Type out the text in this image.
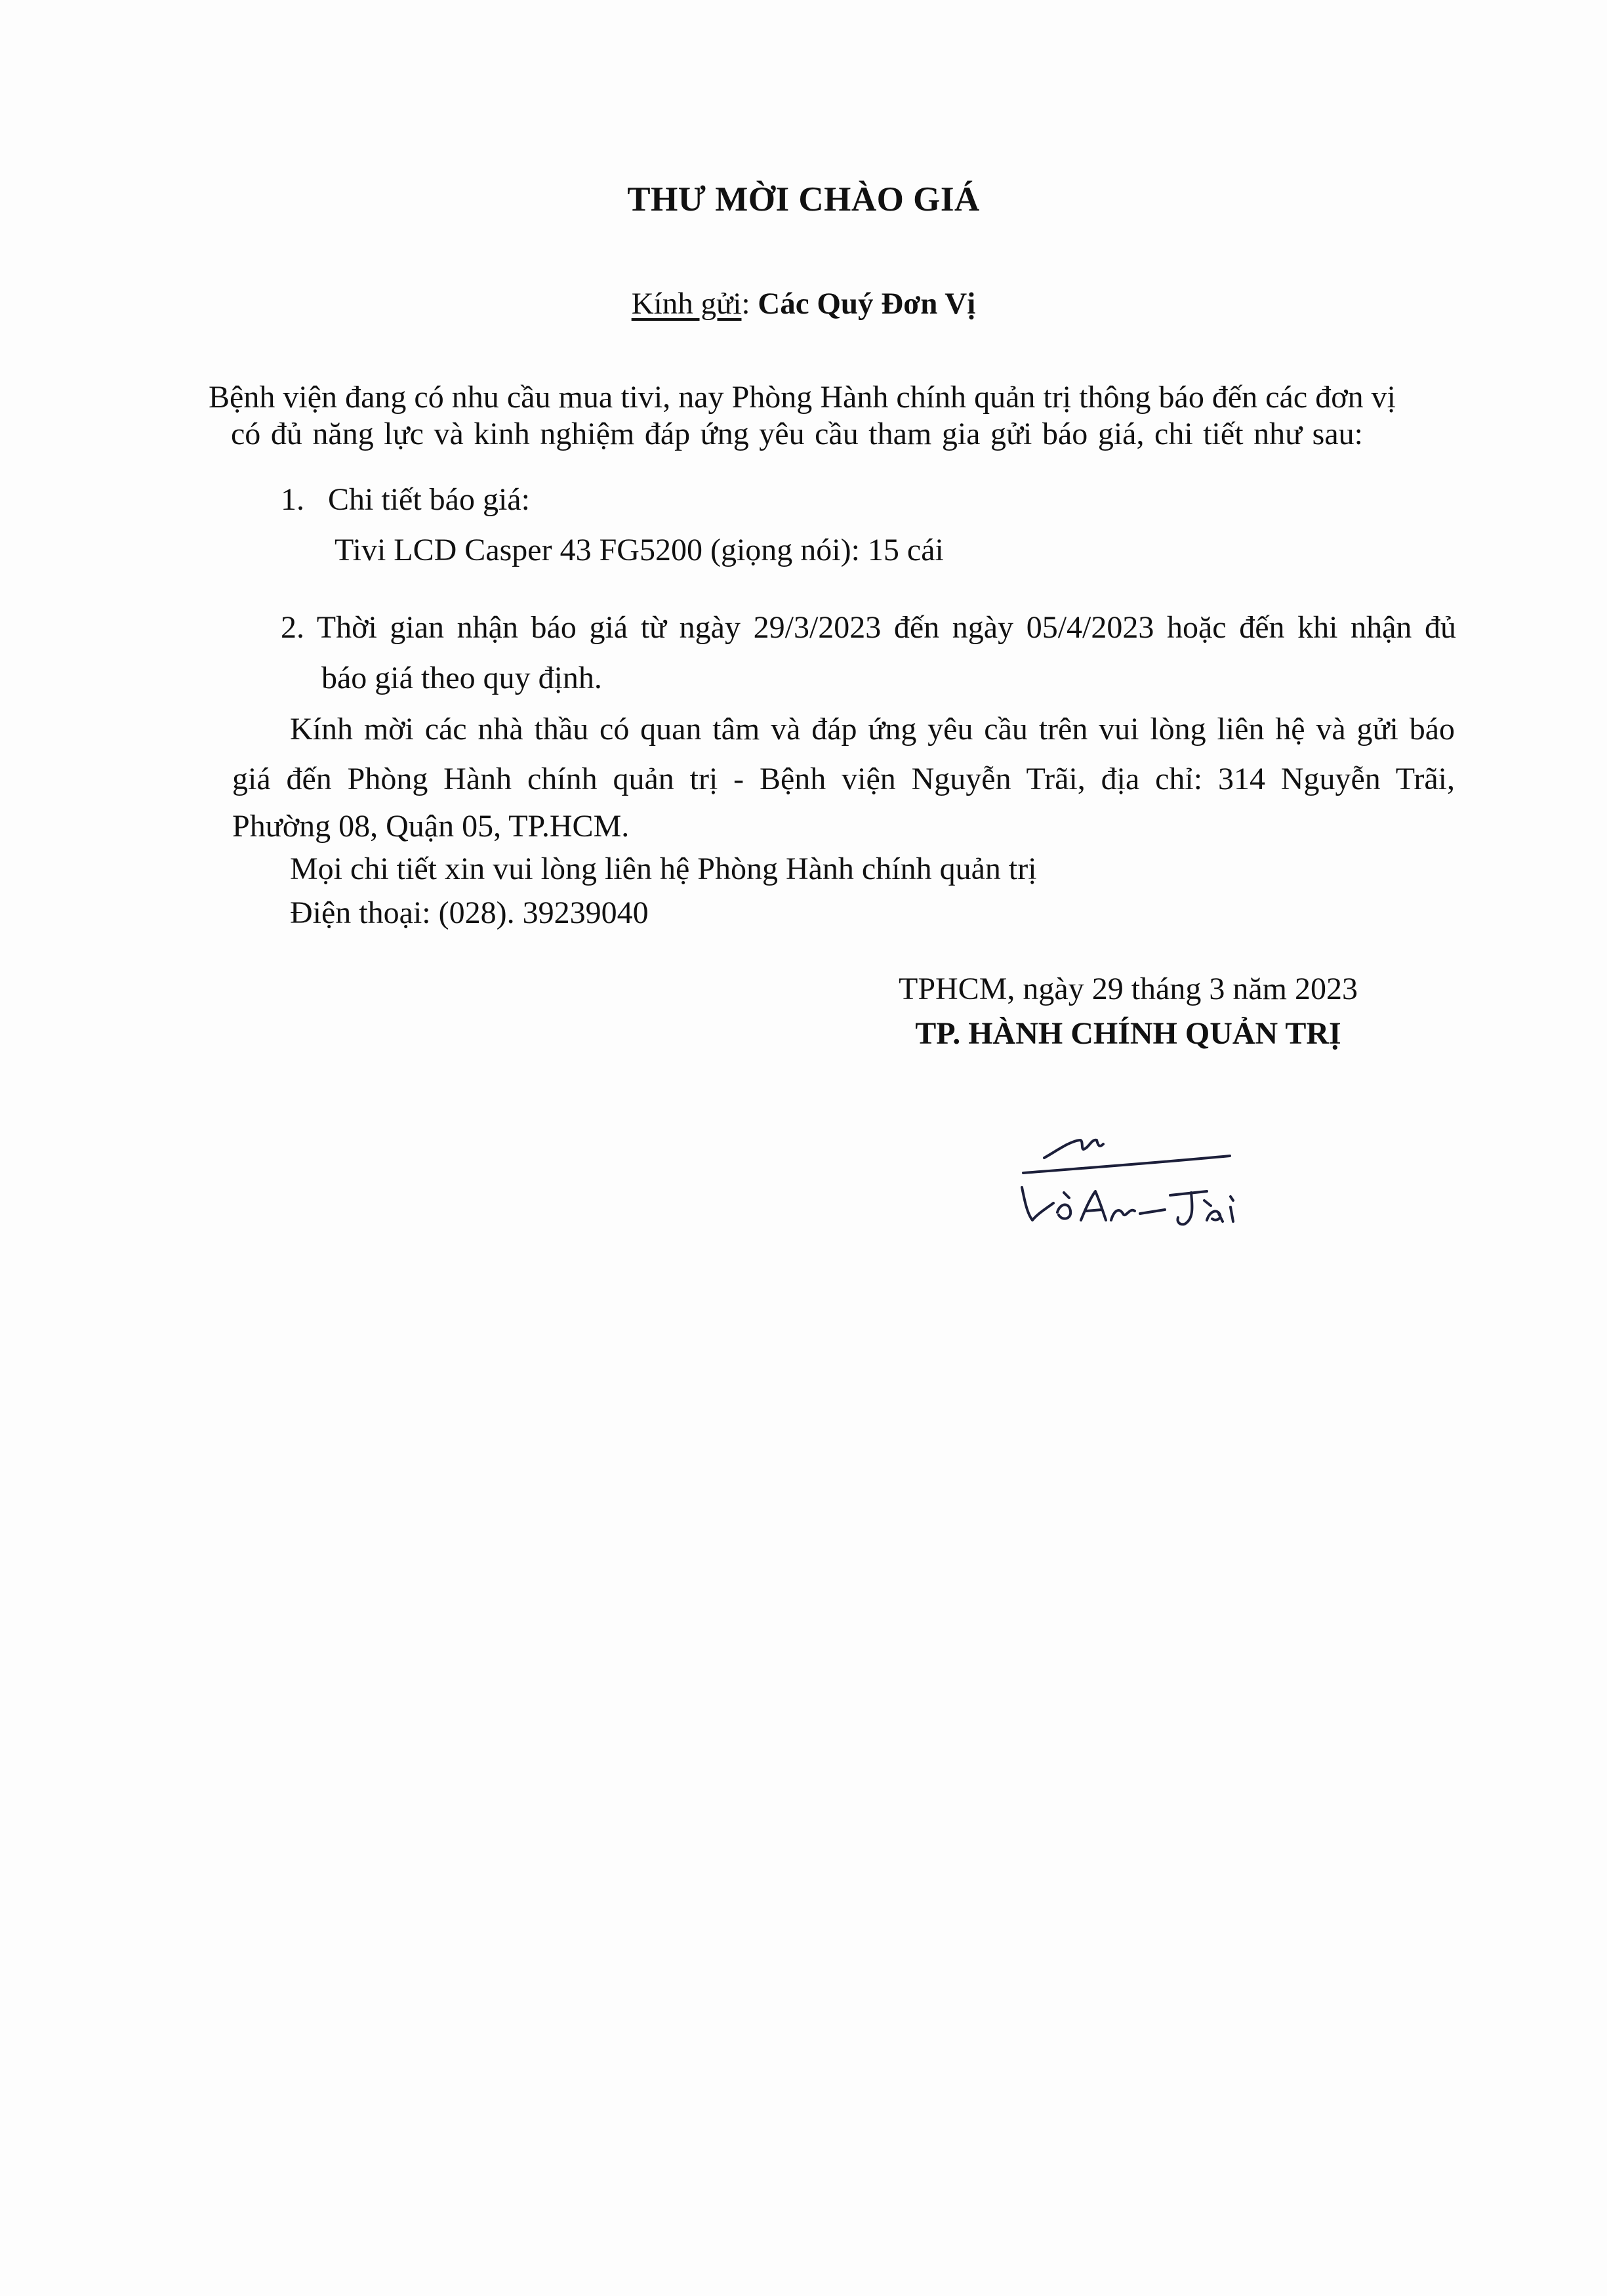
THƯ MỜI CHÀO GIÁ
Kính gửi: Các Quý Đơn Vị
Bệnh viện đang có nhu cầu mua tivi, nay Phòng Hành chính quản trị thông báo đến các đơn vị
có đủ năng lực và kinh nghiệm đáp ứng yêu cầu tham gia gửi báo giá, chi tiết như sau:
1. Chi tiết báo giá:
Tivi LCD Casper 43 FG5200 (giọng nói): 15 cái
2. Thời gian nhận báo giá từ ngày 29/3/2023 đến ngày 05/4/2023 hoặc đến khi nhận đủ
báo giá theo quy định.
Kính mời các nhà thầu có quan tâm và đáp ứng yêu cầu trên vui lòng liên hệ và gửi báo
giá đến Phòng Hành chính quản trị - Bệnh viện Nguyễn Trãi, địa chỉ: 314 Nguyễn Trãi,
Phường 08, Quận 05, TP.HCM.
Mọi chi tiết xin vui lòng liên hệ Phòng Hành chính quản trị
Điện thoại: (028). 39239040
TPHCM, ngày 29 tháng 3 năm 2023
TP. HÀNH CHÍNH QUẢN TRỊ
